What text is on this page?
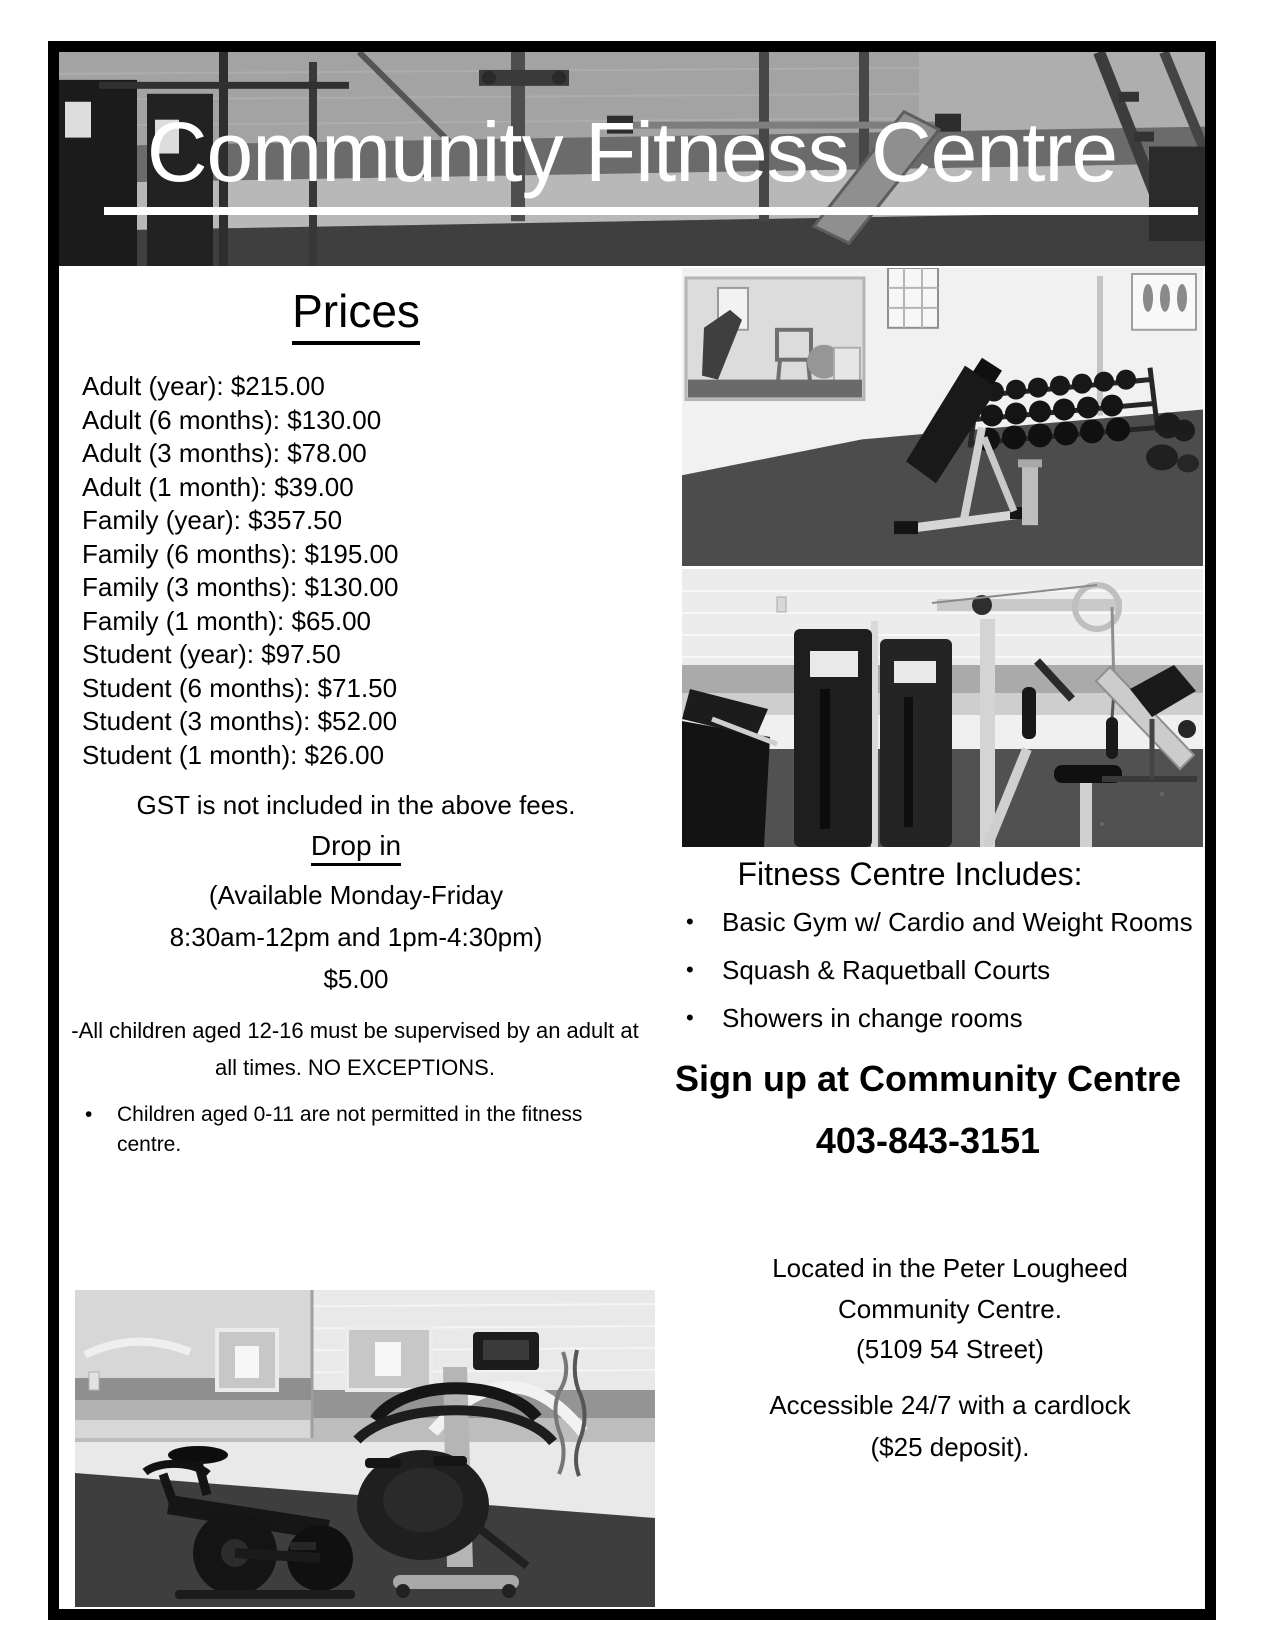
Community Fitness Centre
Prices
Adult (year): $215.00
Adult (6 months): $130.00
Adult (3 months): $78.00
Adult (1 month): $39.00
Family (year): $357.50
Family (6 months): $195.00
Family (3 months): $130.00
Family (1 month): $65.00
Student (year): $97.50
Student (6 months): $71.50
Student (3 months): $52.00
Student (1 month): $26.00
GST is not included in the above fees.
Drop in
(Available Monday-Friday
8:30am-12pm and 1pm-4:30pm)
$5.00
-All children aged 12-16 must be supervised by an adult at
all times. NO EXCEPTIONS.
•	Children aged 0-11 are not permitted in the fitness centre.
Fitness Centre Includes:
•	Basic Gym w/ Cardio and Weight Rooms
•	Squash & Raquetball Courts
•	Showers in change rooms
Sign up at Community Centre
403-843-3151
Located in the Peter Lougheed
Community Centre.
(5109 54 Street)
Accessible 24/7 with a cardlock
($25 deposit).
